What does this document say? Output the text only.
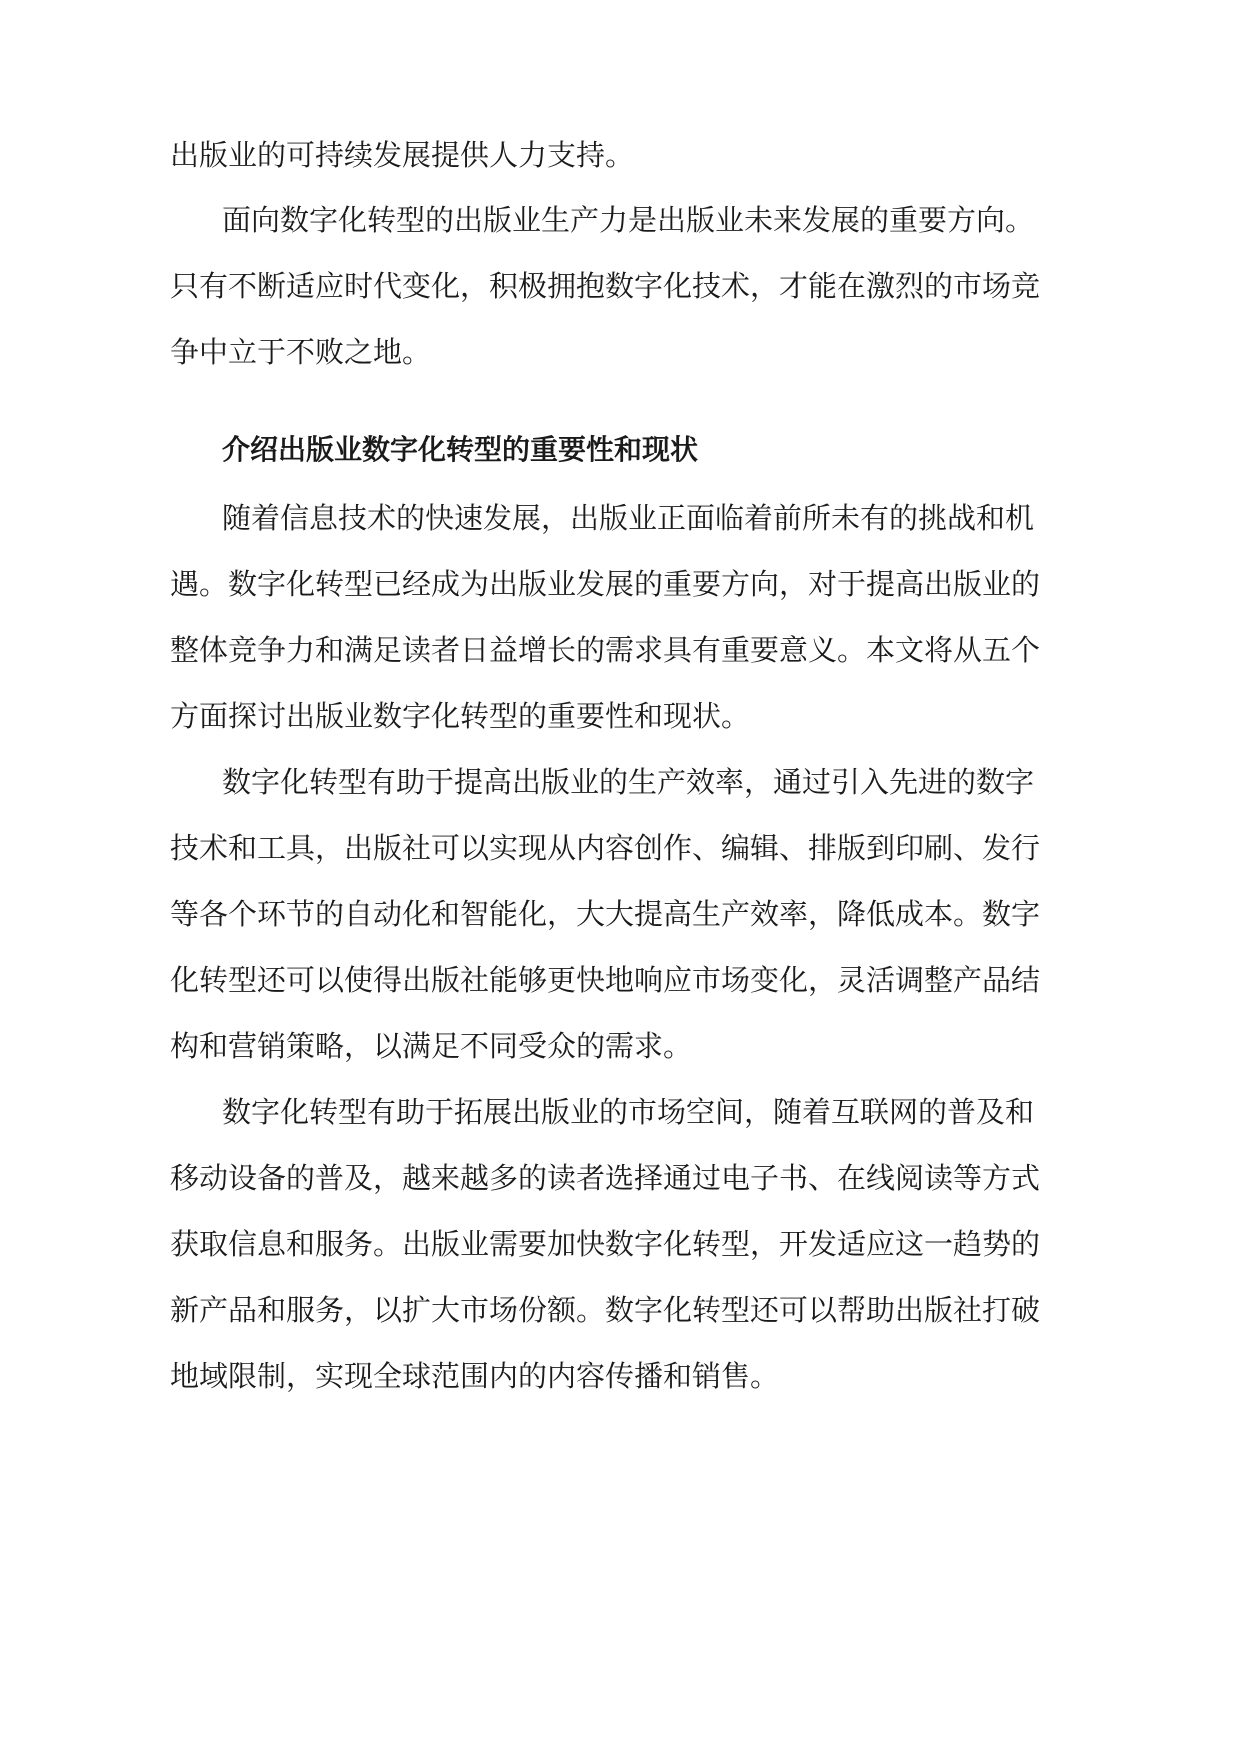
出版业的可持续发展提供人力支持。

面向数字化转型的出版业生产力是出版业未来发展的重要方向。

只有不断适应时代变化，积极拥抱数字化技术，才能在激烈的市场竞

争中立于不败之地。

介绍出版业数字化转型的重要性和现状

随着信息技术的快速发展，出版业正面临着前所未有的挑战和机

遇。数字化转型已经成为出版业发展的重要方向，对于提高出版业的

整体竞争力和满足读者日益增长的需求具有重要意义。本文将从五个

方面探讨出版业数字化转型的重要性和现状。

数字化转型有助于提高出版业的生产效率，通过引入先进的数字

技术和工具，出版社可以实现从内容创作、编辑、排版到印刷、发行

等各个环节的自动化和智能化，大大提高生产效率，降低成本。数字

化转型还可以使得出版社能够更快地响应市场变化，灵活调整产品结

构和营销策略，以满足不同受众的需求。

数字化转型有助于拓展出版业的市场空间，随着互联网的普及和

移动设备的普及，越来越多的读者选择通过电子书、在线阅读等方式

获取信息和服务。出版业需要加快数字化转型，开发适应这一趋势的

新产品和服务，以扩大市场份额。数字化转型还可以帮助出版社打破

地域限制，实现全球范围内的内容传播和销售。
